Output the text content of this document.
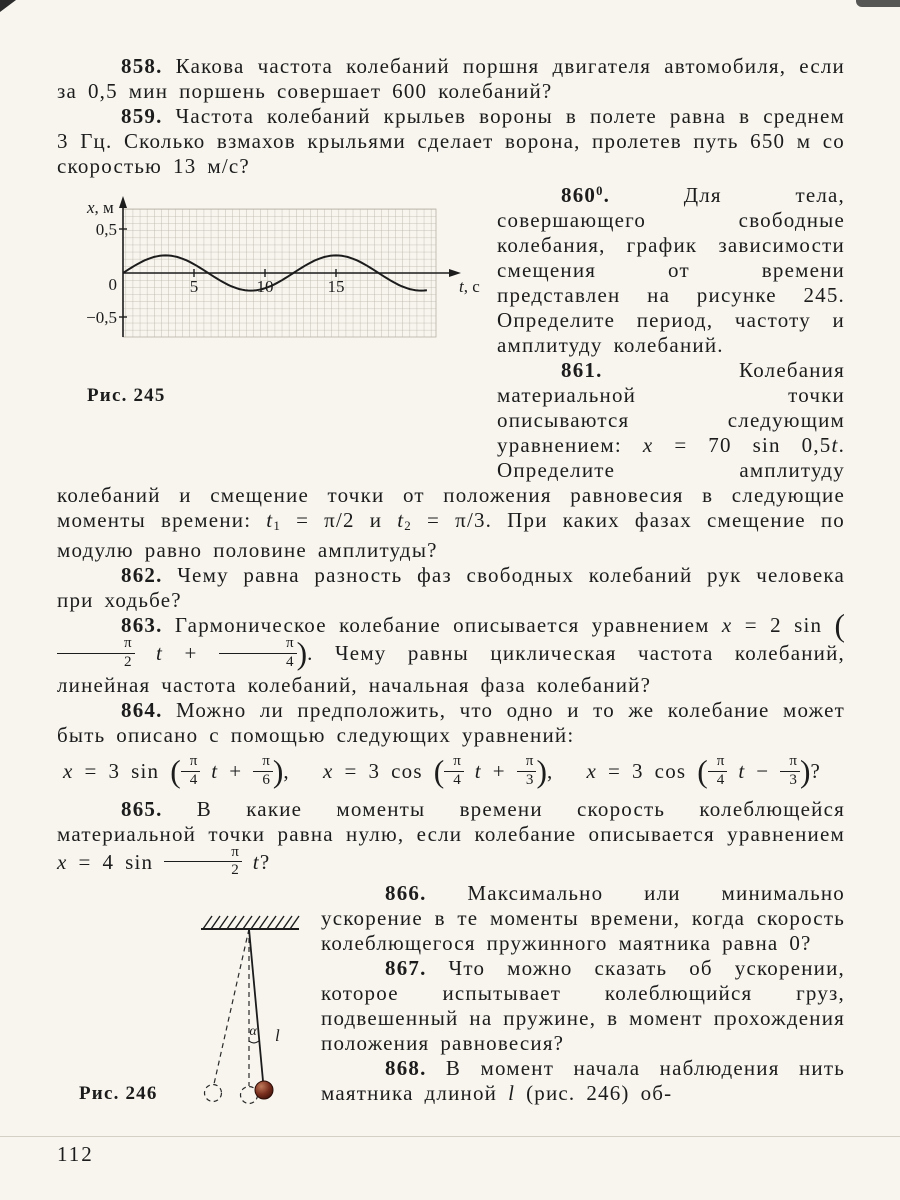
858. Какова частота колебаний поршня двигателя автомобиля, если за 0,5 мин поршень совершает 600 колебаний?

859. Частота колебаний крыльев вороны в полете равна в среднем 3 Гц. Сколько взмахов крыльями сделает ворона, пролетев путь 650 м со скоростью 13 м/с?

x, м
t, с
0,5
0
−0,5
5	10	15
Рис. 245

$860^0$. Для тела, совершающего свободные колебания, график зависимости смещения от времени представлен на рисунке 245. Определите период, частоту и амплитуду колебаний.

861. Колебания материальной точки описываются следующим уравнением: x = 70 sin 0,5t. Определите амплитуду колебаний и смещение точки от положения равновесия в следующие моменты времени: t1 = π/2 и t2 = π/3. При каких фазах смещение по модулю равно половине амплитуды?

862. Чему равна разность фаз свободных колебаний рук человека при ходьбе?

863. Гармоническое колебание описывается уравнением x = 2 sin (
$\frac{\pi}{2}$ $t + \frac{\pi}{4}$ ). Чему равны циклическая частота колебаний, линейная частота колебаний, начальная фаза колебаний?

864. Можно ли предположить, что одно и то же колебание может быть описано с помощью следующих уравнений:

x = 3 sin ( $\frac{\pi}{4}$ $t + \frac{\pi}{6}$ ),  x = 3 cos ( $\frac{\pi}{4}$ $t + \frac{\pi}{3}$ ),  x = 3 cos ( $\frac{\pi}{4}$ $t - \frac{\pi}{3}$ )?

865. В какие моменты времени скорость колеблющейся материальной точки равна нулю, если колебание описывается уравнением x = 4 $\sin \frac{\pi}{2} t$?

α l
Рис. 246

866. Максимально или минимально ускорение в те моменты времени, когда скорость колеблющегося пружинного маятника равна 0?

867. Что можно сказать об ускорении, которое испытывает колеблющийся груз, подвешенный на пружине, в момент прохождения положения равновесия?

868. В момент начала наблюдения нить маятника длиной l (рис. 246) об-

112
